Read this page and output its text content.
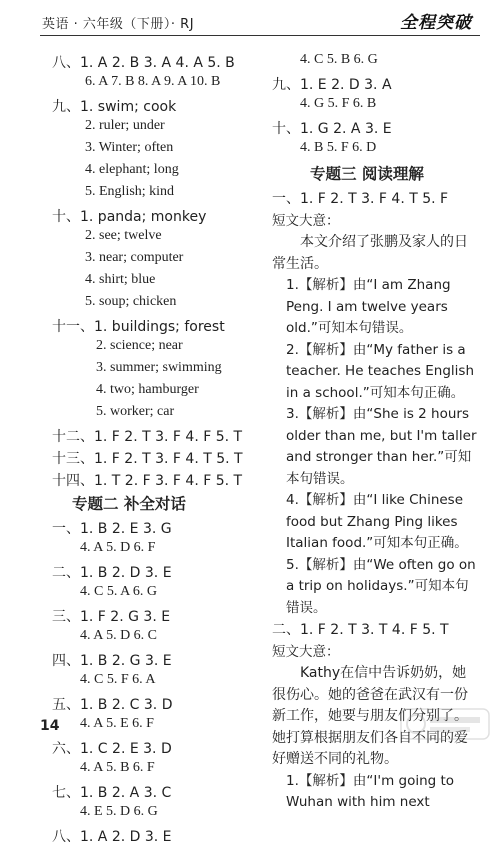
英语 · 六年级（下册）· RJ	全程突破
八、1. A 2. B 3. A 4. A 5. B
6. A 7. B 8. A 9. A 10. B
九、1. swim; cook
2. ruler; under
3. Winter; often
4. elephant; long
5. English; kind
十、1. panda; monkey
2. see; twelve
3. near; computer
4. shirt; blue
5. soup; chicken
十一、1. buildings; forest
2. science; near
3. summer; swimming
4. two; hamburger
5. worker; car
十二、1. F 2. T 3. F 4. F 5. T
十三、1. F 2. T 3. F 4. T 5. T
十四、1. T 2. F 3. F 4. F 5. T
专题二 补全对话
一、1. B 2. E 3. G
4. A 5. D 6. F
二、1. B 2. D 3. E
4. C 5. A 6. G
三、1. F 2. G 3. E
4. A 5. D 6. C
四、1. B 2. G 3. E
4. C 5. F 6. A
五、1. B 2. C 3. D
4. A 5. E 6. F
六、1. C 2. E 3. D
4. A 5. B 6. F
七、1. B 2. A 3. C
4. E 5. D 6. G
八、1. A 2. D 3. E
4. C 5. B 6. G
九、1. E 2. D 3. A
4. G 5. F 6. B
十、1. G 2. A 3. E
4. B 5. F 6. D
专题三 阅读理解
一、1. F 2. T 3. F 4. T 5. F
短文大意：
本文介绍了张鹏及家人的日常生活。
1.【解析】由“I am Zhang Peng. I am twelve years old.”可知本句错误。
2.【解析】由“My father is a teacher. He teaches English in a school.”可知本句正确。
3.【解析】由“She is 2 hours older than me, but I'm taller and stronger than her.”可知本句错误。
4.【解析】由“I like Chinese food but Zhang Ping likes Italian food.”可知本句正确。
5.【解析】由“We often go on a trip on holidays.”可知本句错误。
二、1. F 2. T 3. T 4. F 5. T
短文大意：
Kathy在信中告诉奶奶，她很伤心。她的爸爸在武汉有一份新工作，她要与朋友们分别了。她打算根据朋友们各自不同的爱好赠送不同的礼物。
1.【解析】由“I'm going to Wuhan with him next
14
